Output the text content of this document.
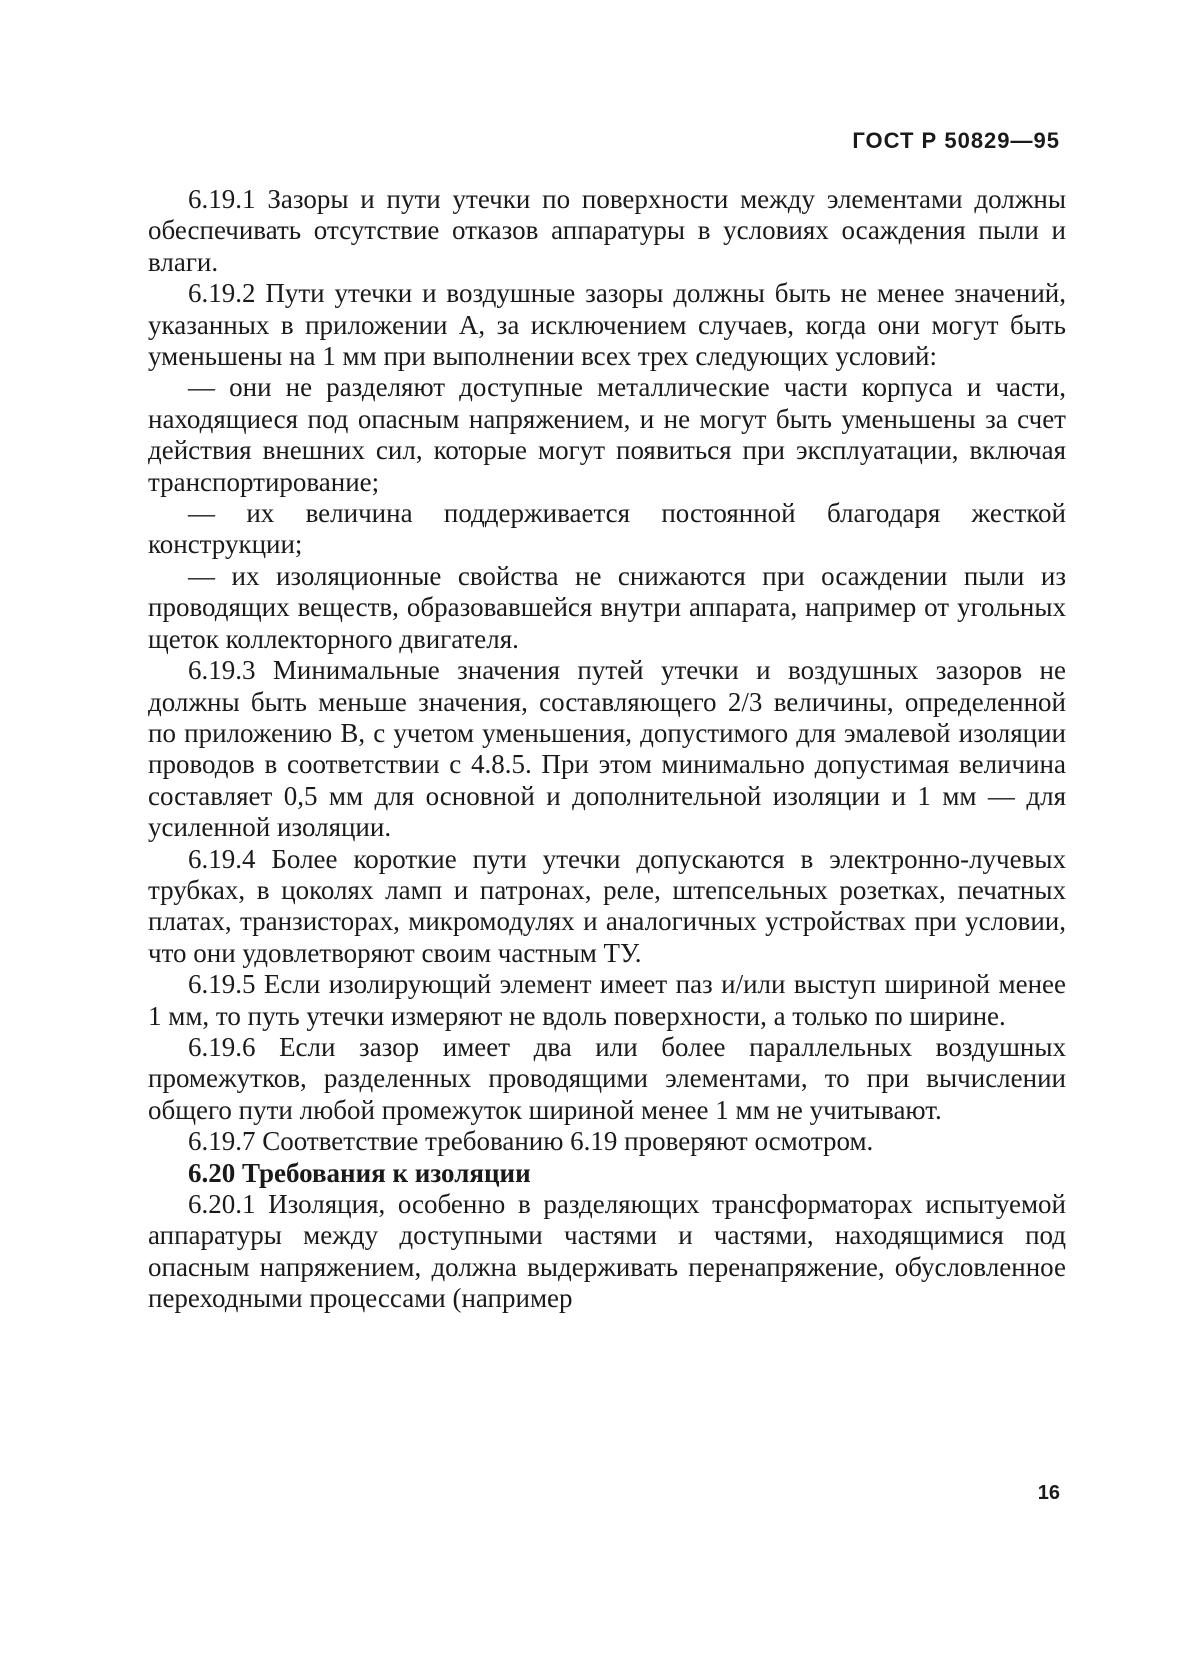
ГОСТ Р 50829—95

6.19.1 Зазоры и пути утечки по поверхности между элементами должны обеспечивать отсутствие отказов аппаратуры в условиях осаждения пыли и влаги.

6.19.2 Пути утечки и воздушные зазоры должны быть не менее значений, указанных в приложении А, за исключением случаев, когда они могут быть уменьшены на 1 мм при выполнении всех трех следующих условий:

— они не разделяют доступные металлические части корпуса и части, находящиеся под опасным напряжением, и не могут быть уменьшены за счет действия внешних сил, которые могут появиться при эксплуатации, включая транспортирование;

— их величина поддерживается постоянной благодаря жесткой конструкции;

— их изоляционные свойства не снижаются при осаждении пыли из проводящих веществ, образовавшейся внутри аппарата, например от угольных щеток коллекторного двигателя.

6.19.3 Минимальные значения путей утечки и воздушных зазоров не должны быть меньше значения, составляющего 2/3 величины, определенной по приложению В, с учетом уменьшения, допустимого для эмалевой изоляции проводов в соответствии с 4.8.5. При этом минимально допустимая величина составляет 0,5 мм для основной и дополнительной изоляции и 1 мм — для усиленной изоляции.

6.19.4 Более короткие пути утечки допускаются в электронно-лучевых трубках, в цоколях ламп и патронах, реле, штепсельных розетках, печатных платах, транзисторах, микромодулях и аналогичных устройствах при условии, что они удовлетворяют своим частным ТУ.

6.19.5 Если изолирующий элемент имеет паз и/или выступ шириной менее 1 мм, то путь утечки измеряют не вдоль поверхности, а только по ширине.

6.19.6 Если зазор имеет два или более параллельных воздушных промежутков, разделенных проводящими элементами, то при вычислении общего пути любой промежуток шириной менее 1 мм не учитывают.

6.19.7 Соответствие требованию 6.19 проверяют осмотром.

6.20 Требования к изоляции

6.20.1 Изоляция, особенно в разделяющих трансформаторах испытуемой аппаратуры между доступными частями и частями, находящимися под опасным напряжением, должна выдерживать перенапряжение, обусловленное переходными процессами (например

16
